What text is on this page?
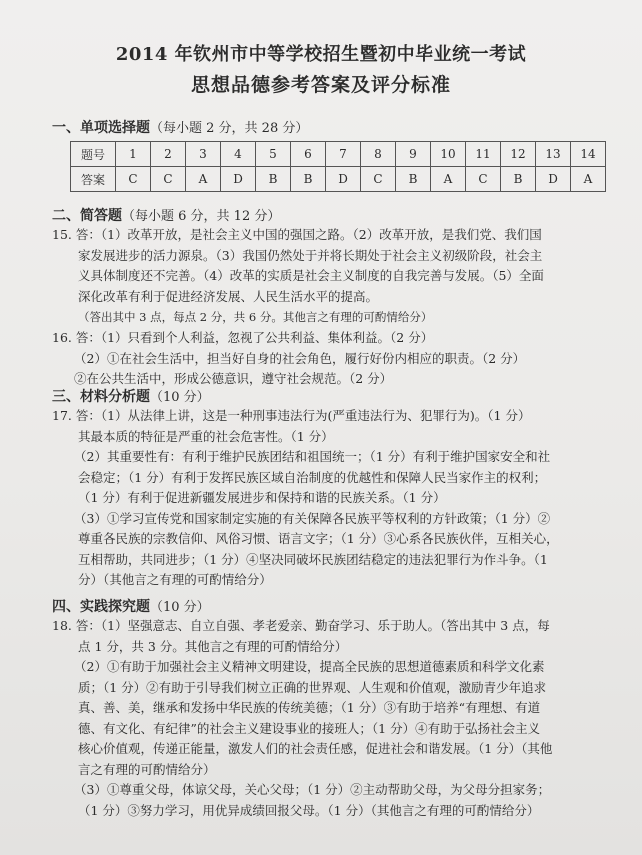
2014 年钦州市中等学校招生暨初中毕业统一考试
思想品德参考答案及评分标准
一、单项选择题（每小题 2 分，共 28 分）
题号	1	2	3	4	5	6	7	8	9	10	11	12	13	14
答案	C	C	A	D	B	B	D	C	B	A	C	B	D	A
二、简答题（每小题 6 分，共 12 分）
15. 答：（1）改革开放，是社会主义中国的强国之路。（2）改革开放，是我们党、我们国
家发展进步的活力源泉。（3）我国仍然处于并将长期处于社会主义初级阶段，社会主
义具体制度还不完善。（4）改革的实质是社会主义制度的自我完善与发展。（5）全面
深化改革有利于促进经济发展、人民生活水平的提高。
（答出其中 3 点，每点 2 分，共 6 分。其他言之有理的可酌情给分）
16. 答：（1）只看到个人利益，忽视了公共利益、集体利益。（2 分）
（2）①在社会生活中，担当好自身的社会角色，履行好份内相应的职责。（2 分）
②在公共生活中，形成公德意识，遵守社会规范。（2 分）
三、材料分析题（10 分）
17. 答：（1）从法律上讲，这是一种刑事违法行为(严重违法行为、犯罪行为)。（1 分）
其最本质的特征是严重的社会危害性。（1 分）
（2）其重要性有：有利于维护民族团结和祖国统一；（1 分）有利于维护国家安全和社
会稳定；（1 分）有利于发挥民族区域自治制度的优越性和保障人民当家作主的权利；
（1 分）有利于促进新疆发展进步和保持和谐的民族关系。（1 分）
（3）①学习宣传党和国家制定实施的有关保障各民族平等权利的方针政策；（1 分）②
尊重各民族的宗教信仰、风俗习惯、语言文字；（1 分）③心系各民族伙伴，互相关心，
互相帮助，共同进步；（1 分）④坚决同破坏民族团结稳定的违法犯罪行为作斗争。（1
分）（其他言之有理的可酌情给分）
四、实践探究题（10 分）
18. 答：（1）坚强意志、自立自强、孝老爱亲、勤奋学习、乐于助人。（答出其中 3 点，每
点 1 分，共 3 分。其他言之有理的可酌情给分）
（2）①有助于加强社会主义精神文明建设，提高全民族的思想道德素质和科学文化素
质；（1 分）②有助于引导我们树立正确的世界观、人生观和价值观，激励青少年追求
真、善、美，继承和发扬中华民族的传统美德；（1 分）③有助于培养“有理想、有道
德、有文化、有纪律”的社会主义建设事业的接班人；（1 分）④有助于弘扬社会主义
核心价值观，传递正能量，激发人们的社会责任感，促进社会和谐发展。（1 分）（其他
言之有理的可酌情给分）
（3）①尊重父母，体谅父母，关心父母；（1 分）②主动帮助父母，为父母分担家务；
（1 分）③努力学习，用优异成绩回报父母。（1 分）（其他言之有理的可酌情给分）
